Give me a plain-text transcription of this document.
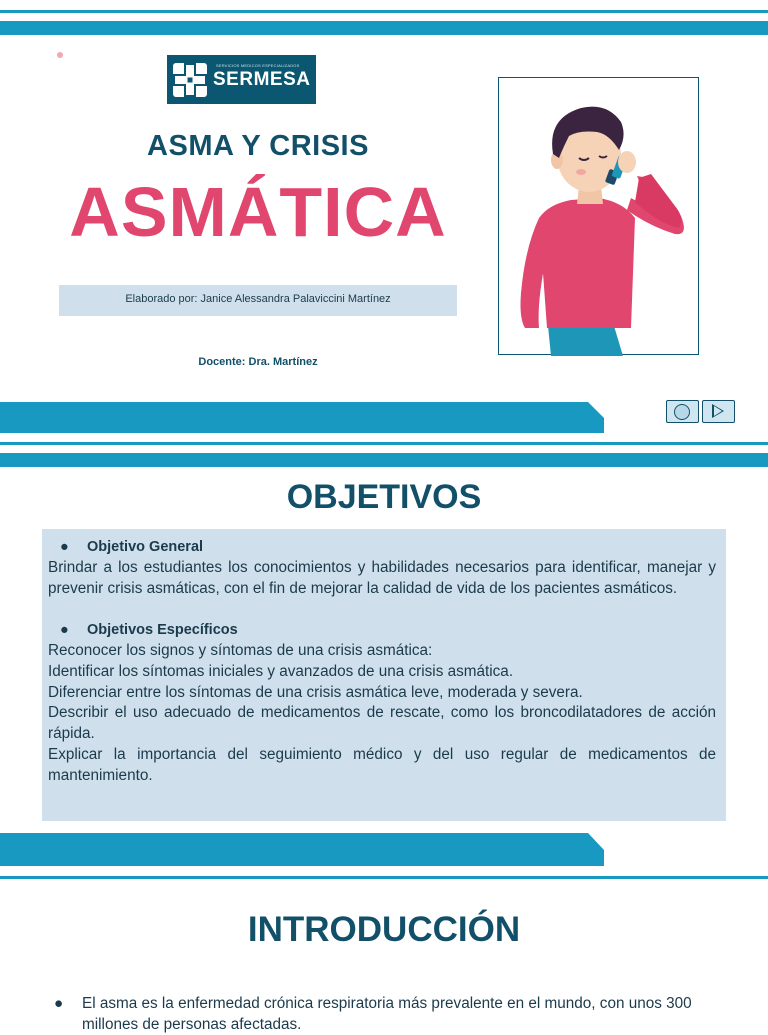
SERVICIOS MEDICOS ESPECIALIZADOS
SERMESA
ASMA Y CRISIS
ASMÁTICA
Elaborado por: Janice Alessandra Palaviccini Martínez
Docente: Dra. Martínez
OBJETIVOS
● Objetivo General
Brindar a los estudiantes los conocimientos y habilidades necesarios para identificar, manejar y prevenir crisis asmáticas, con el fin de mejorar la calidad de vida de los pacientes asmáticos.
● Objetivos Específicos
Reconocer los signos y síntomas de una crisis asmática:
Identificar los síntomas iniciales y avanzados de una crisis asmática.
Diferenciar entre los síntomas de una crisis asmática leve, moderada y severa.
Describir el uso adecuado de medicamentos de rescate, como los broncodilatadores de acción rápida.
Explicar la importancia del seguimiento médico y del uso regular de medicamentos de mantenimiento.
INTRODUCCIÓN
● El asma es la enfermedad crónica respiratoria más prevalente en el mundo, con unos 300 millones de personas afectadas.
